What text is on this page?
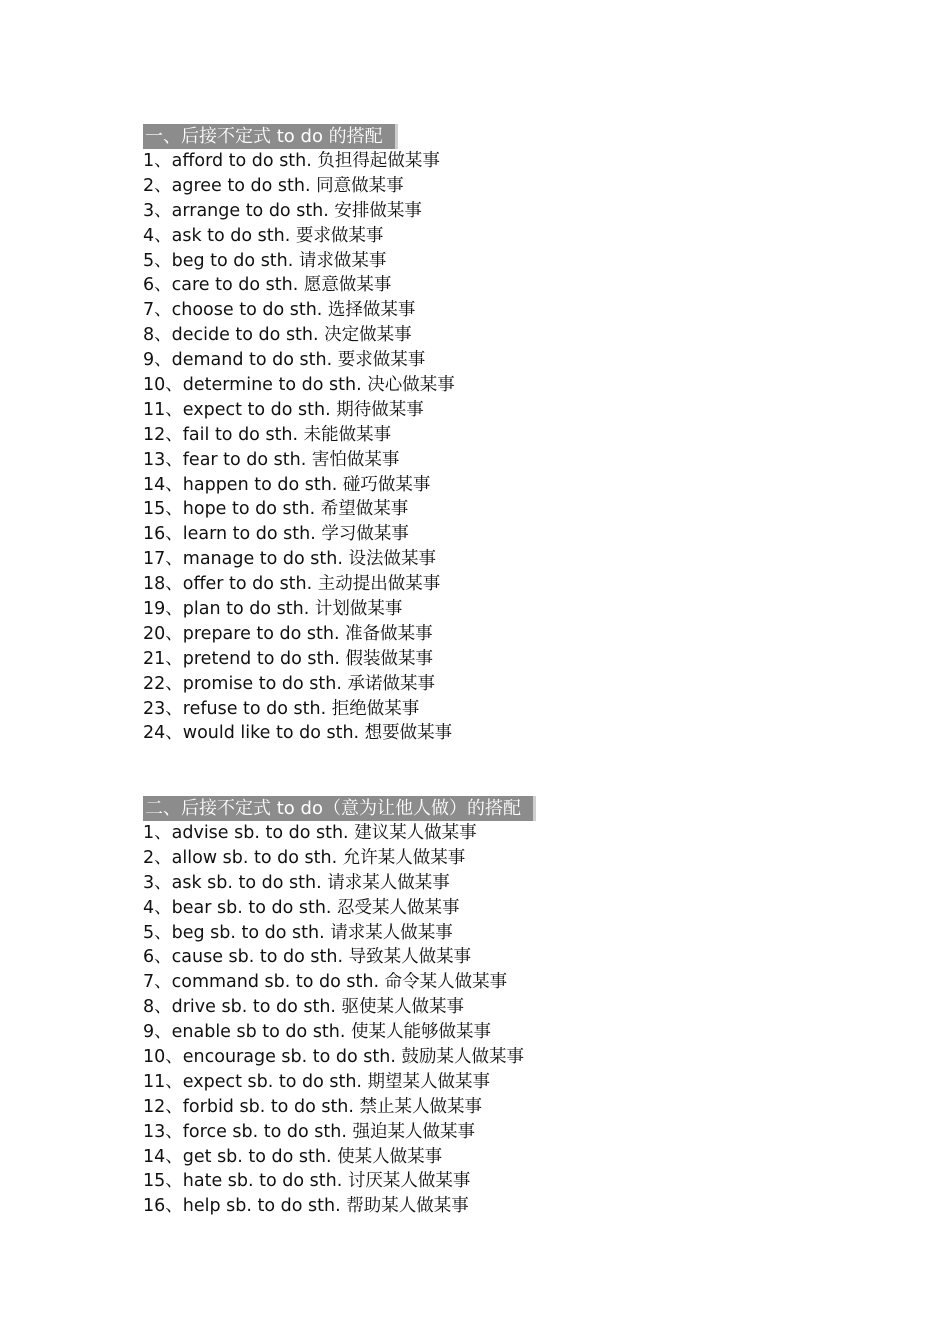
一、后接不定式 to do 的搭配
1、afford to do sth. 负担得起做某事
2、agree to do sth. 同意做某事
3、arrange to do sth. 安排做某事
4、ask to do sth. 要求做某事
5、beg to do sth. 请求做某事
6、care to do sth. 愿意做某事
7、choose to do sth. 选择做某事
8、decide to do sth. 决定做某事
9、demand to do sth. 要求做某事
10、determine to do sth. 决心做某事
11、expect to do sth. 期待做某事
12、fail to do sth. 未能做某事
13、fear to do sth. 害怕做某事
14、happen to do sth. 碰巧做某事
15、hope to do sth. 希望做某事
16、learn to do sth. 学习做某事
17、manage to do sth. 设法做某事
18、offer to do sth. 主动提出做某事
19、plan to do sth. 计划做某事
20、prepare to do sth. 准备做某事
21、pretend to do sth. 假装做某事
22、promise to do sth. 承诺做某事
23、refuse to do sth. 拒绝做某事
24、would like to do sth. 想要做某事
二、后接不定式 to do（意为让他人做）的搭配
1、advise sb. to do sth. 建议某人做某事
2、allow sb. to do sth. 允许某人做某事
3、ask sb. to do sth. 请求某人做某事
4、bear sb. to do sth. 忍受某人做某事
5、beg sb. to do sth. 请求某人做某事
6、cause sb. to do sth. 导致某人做某事
7、command sb. to do sth. 命令某人做某事
8、drive sb. to do sth. 驱使某人做某事
9、enable sb to do sth. 使某人能够做某事
10、encourage sb. to do sth. 鼓励某人做某事
11、expect sb. to do sth. 期望某人做某事
12、forbid sb. to do sth. 禁止某人做某事
13、force sb. to do sth. 强迫某人做某事
14、get sb. to do sth. 使某人做某事
15、hate sb. to do sth. 讨厌某人做某事
16、help sb. to do sth. 帮助某人做某事
